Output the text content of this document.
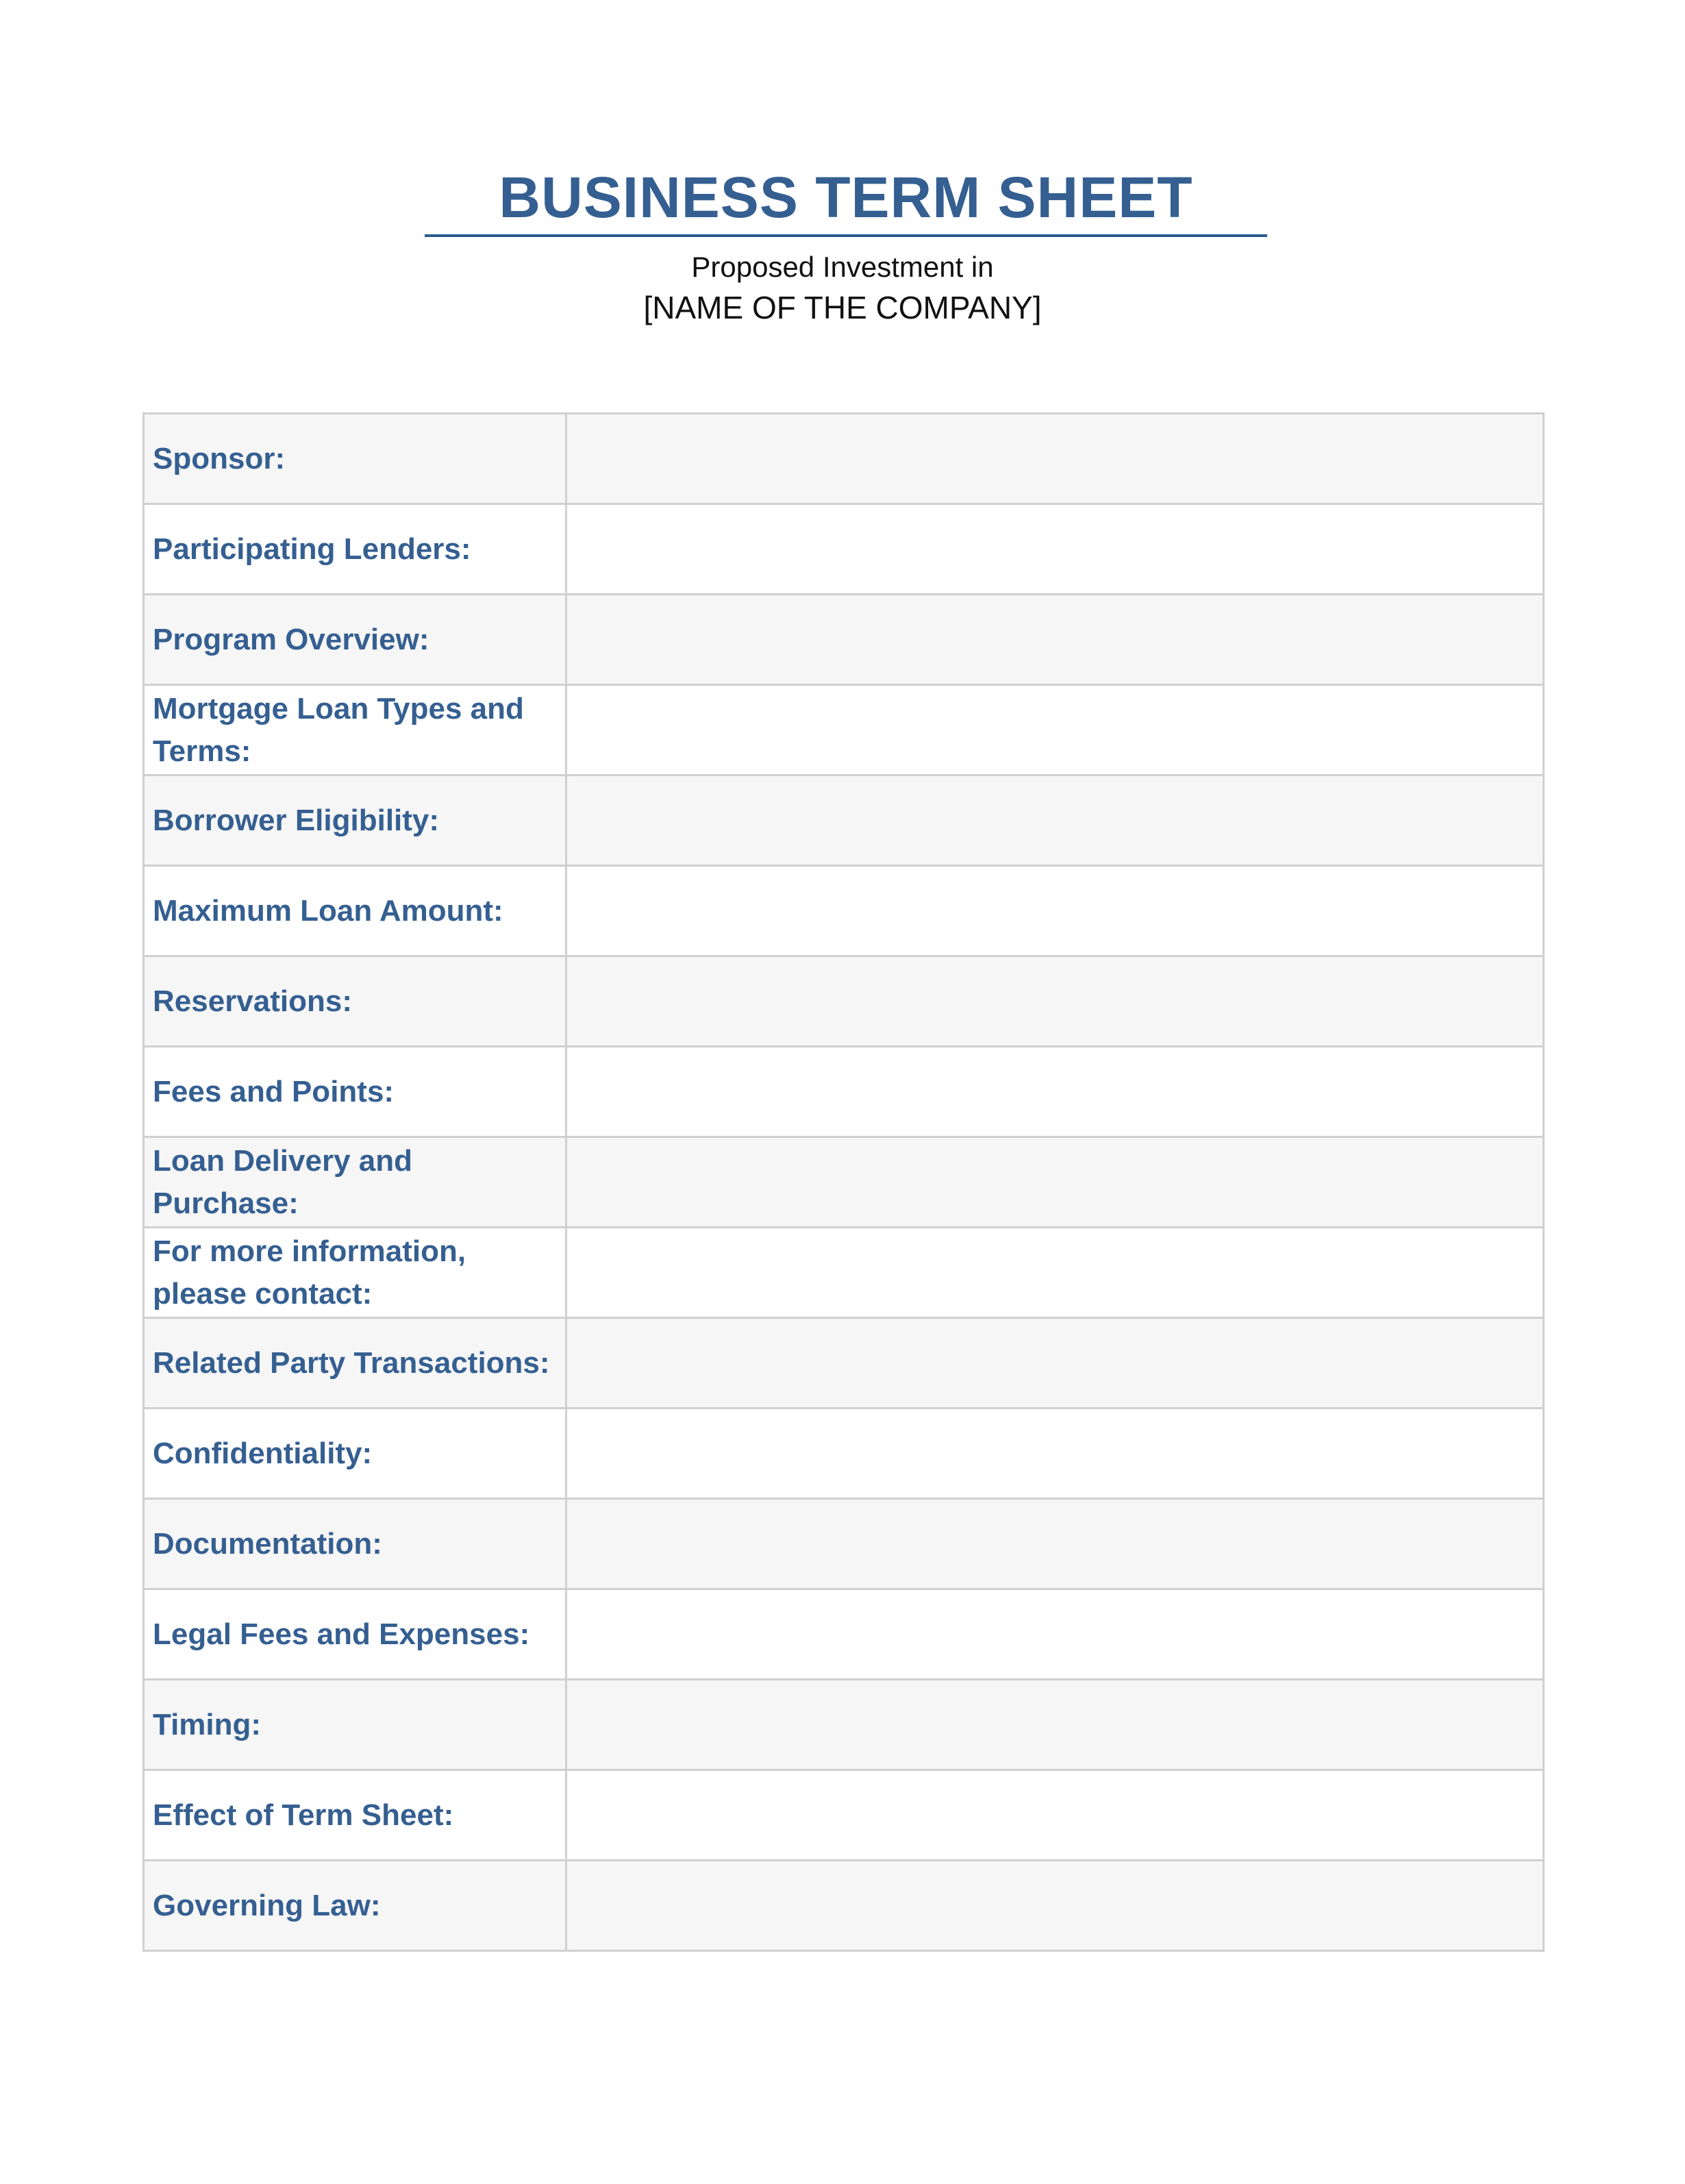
BUSINESS TERM SHEET
Proposed Investment in
[NAME OF THE COMPANY]
Sponsor:	
Participating Lenders:	
Program Overview:	
Mortgage Loan Types and Terms:	
Borrower Eligibility:	
Maximum Loan Amount:	
Reservations:	
Fees and Points:	
Loan Delivery and Purchase:	
For more information, please contact:	
Related Party Transactions:	
Confidentiality:	
Documentation:	
Legal Fees and Expenses:	
Timing:	
Effect of Term Sheet:	
Governing Law:	
